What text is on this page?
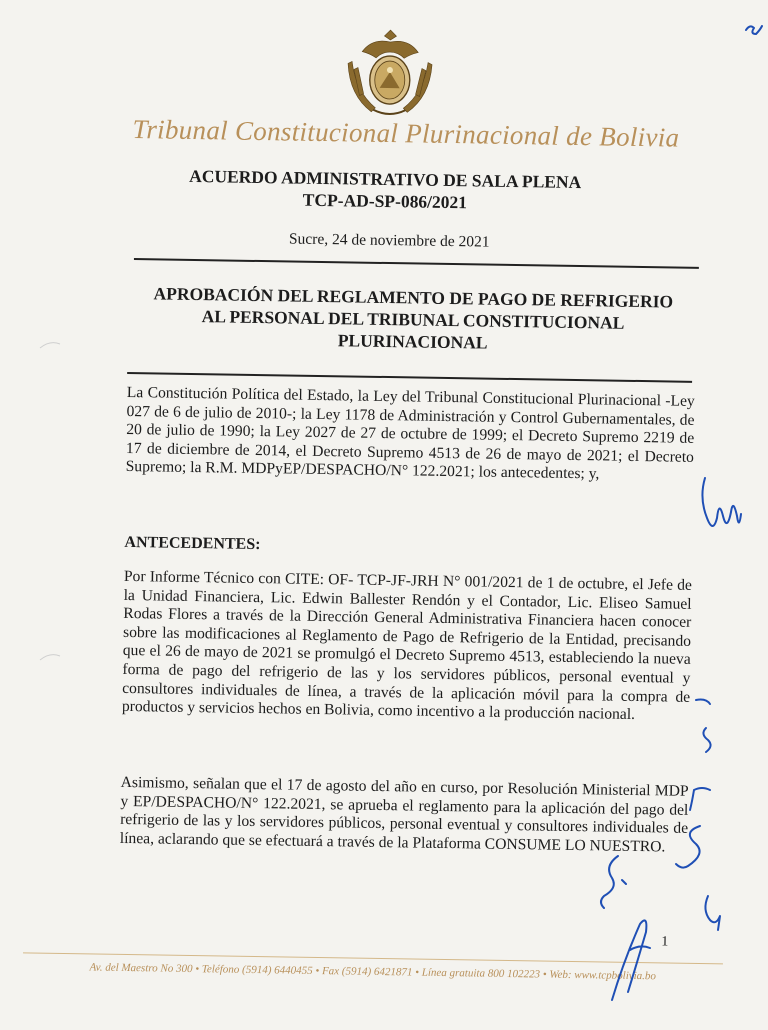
Tribunal Constitucional Plurinacional de Bolivia
ACUERDO ADMINISTRATIVO DE SALA PLENA
TCP-AD-SP-086/2021
Sucre, 24 de noviembre de 2021
APROBACIÓN DEL REGLAMENTO DE PAGO DE REFRIGERIO
AL PERSONAL DEL TRIBUNAL CONSTITUCIONAL
PLURINACIONAL
La Constitución Política del Estado, la Ley del Tribunal Constitucional Plurinacional -Ley 027 de 6 de julio de 2010-; la Ley 1178 de Administración y Control Gubernamentales, de 20 de julio de 1990; la Ley 2027 de 27 de octubre de 1999; el Decreto Supremo 2219 de 17 de diciembre de 2014, el Decreto Supremo 4513 de 26 de mayo de 2021; el Decreto Supremo; la R.M. MDPyEP/DESPACHO/N° 122.2021; los antecedentes; y,
ANTECEDENTES:
Por Informe Técnico con CITE: OF- TCP-JF-JRH N° 001/2021 de 1 de octubre, el Jefe de la Unidad Financiera, Lic. Edwin Ballester Rendón y el Contador, Lic. Eliseo Samuel Rodas Flores a través de la Dirección General Administrativa Financiera hacen conocer sobre las modificaciones al Reglamento de Pago de Refrigerio de la Entidad, precisando que el 26 de mayo de 2021 se promulgó el Decreto Supremo 4513, estableciendo la nueva forma de pago del refrigerio de las y los servidores públicos, personal eventual y consultores individuales de línea, a través de la aplicación móvil para la compra de productos y servicios hechos en Bolivia, como incentivo a la producción nacional.
Asimismo, señalan que el 17 de agosto del año en curso, por Resolución Ministerial MDP y EP/DESPACHO/N° 122.2021, se aprueba el reglamento para la aplicación del pago del refrigerio de las y los servidores públicos, personal eventual y consultores individuales de línea, aclarando que se efectuará a través de la Plataforma CONSUME LO NUESTRO.
1
Av. del Maestro No 300 • Teléfono (5914) 6440455 • Fax (5914) 6421871 • Línea gratuita 800 102223 • Web: www.tcpbolivia.bo
